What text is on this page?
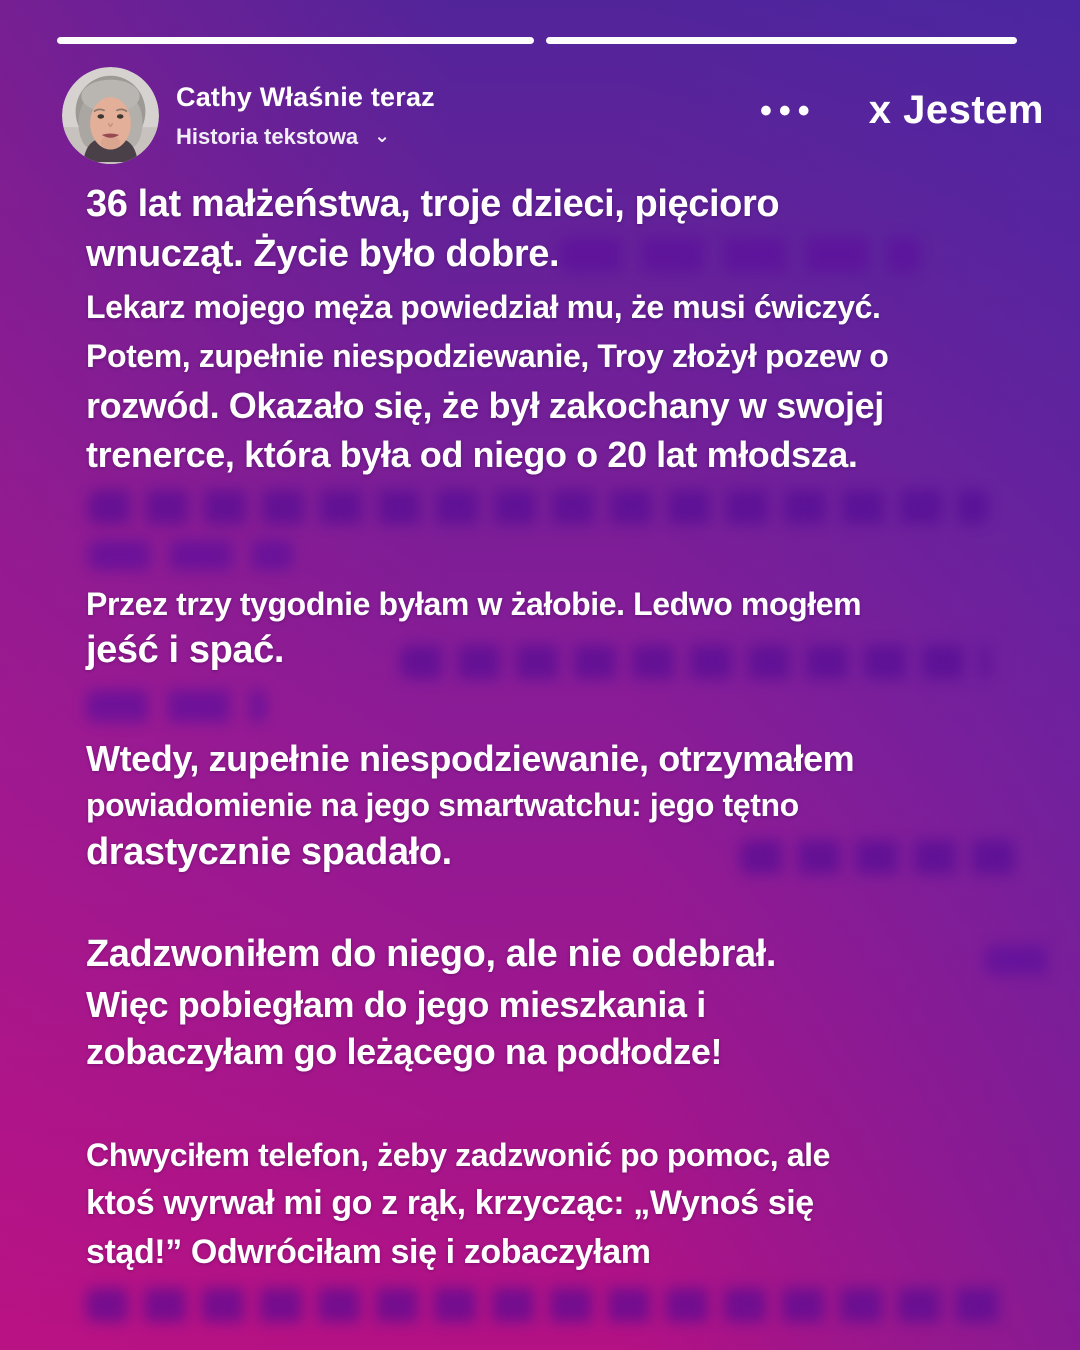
Cathy Właśnie teraz
Historia tekstowa ⌄
••• x Jestem
36 lat małżeństwa, troje dzieci, pięcioro
wnucząt. Życie było dobre.
Lekarz mojego męża powiedział mu, że musi ćwiczyć.
Potem, zupełnie niespodziewanie, Troy złożył pozew o
rozwód. Okazało się, że był zakochany w swojej
trenerce, która była od niego o 20 lat młodsza.
Przez trzy tygodnie byłam w żałobie. Ledwo mogłem
jeść i spać.
Wtedy, zupełnie niespodziewanie, otrzymałem
powiadomienie na jego smartwatchu: jego tętno
drastycznie spadało.
Zadzwoniłem do niego, ale nie odebrał.
Więc pobiegłam do jego mieszkania i
zobaczyłam go leżącego na podłodze!
Chwyciłem telefon, żeby zadzwonić po pomoc, ale
ktoś wyrwał mi go z rąk, krzycząc: „Wynoś się
stąd!” Odwróciłam się i zobaczyłam
